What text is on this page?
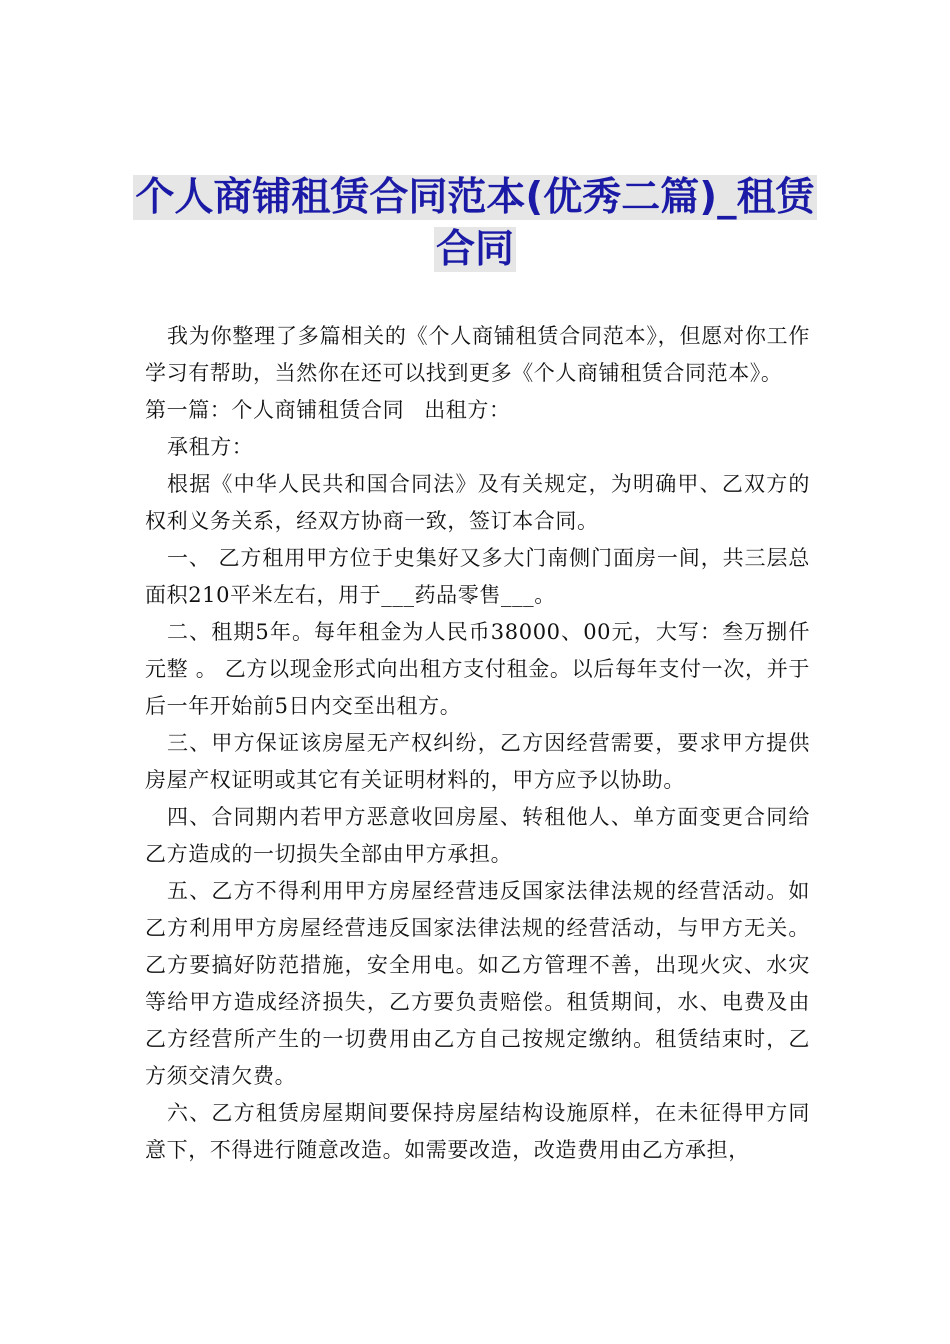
个人商铺租赁合同范本(优秀二篇)_租赁合同

我为你整理了多篇相关的《个人商铺租赁合同范本》，但愿对你工作学习有帮助，当然你在还可以找到更多《个人商铺租赁合同范本》。

第一篇：个人商铺租赁合同 出租方：

承租方：

根据《中华人民共和国合同法》及有关规定，为明确甲、乙双方的权利义务关系，经双方协商一致，签订本合同。

一、 乙方租用甲方位于史集好又多大门南侧门面房一间，共三层总面积210平米左右，用于___药品零售___。

二、租期5年。每年租金为人民币38000、00元，大写：叁万捌仟元整 。 乙方以现金形式向出租方支付租金。以后每年支付一次，并于后一年开始前5日内交至出租方。

三、甲方保证该房屋无产权纠纷，乙方因经营需要，要求甲方提供房屋产权证明或其它有关证明材料的，甲方应予以协助。

四、合同期内若甲方恶意收回房屋、转租他人、单方面变更合同给乙方造成的一切损失全部由甲方承担。

五、乙方不得利用甲方房屋经营违反国家法律法规的经营活动。如乙方利用甲方房屋经营违反国家法律法规的经营活动，与甲方无关。乙方要搞好防范措施，安全用电。如乙方管理不善，出现火灾、水灾等给甲方造成经济损失，乙方要负责赔偿。租赁期间，水、电费及由乙方经营所产生的一切费用由乙方自己按规定缴纳。租赁结束时，乙方须交清欠费。

六、乙方租赁房屋期间要保持房屋结构设施原样，在未征得甲方同意下，不得进行随意改造。如需要改造，改造费用由乙方承担，
